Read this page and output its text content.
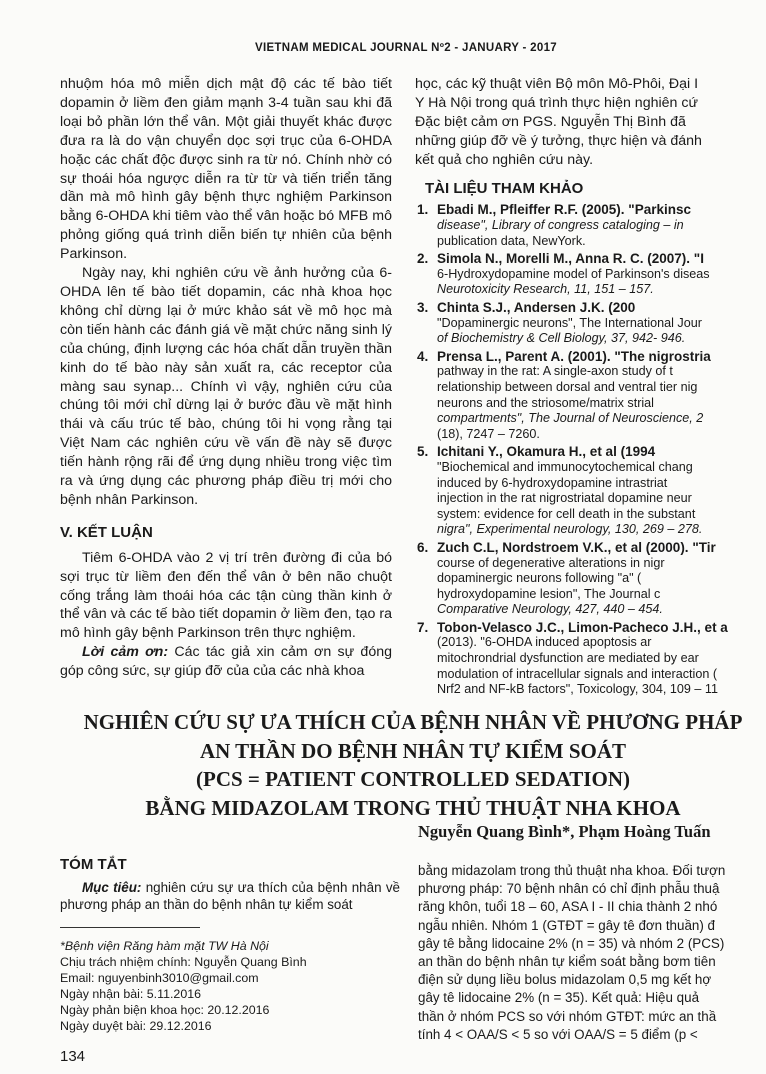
VIETNAM MEDICAL JOURNAL Nº2 - JANUARY - 2017

nhuộm hóa mô miễn dịch mật độ các tế bào tiết dopamin ở liềm đen giảm mạnh 3-4 tuần sau khi đã loại bỏ phần lớn thể vân. Một giải thuyết khác được đưa ra là do vận chuyển dọc sợi trục của 6-OHDA hoặc các chất độc được sinh ra từ nó. Chính nhờ có sự thoái hóa ngược diễn ra từ từ và tiến triển tăng dần mà mô hình gây bệnh thực nghiệm Parkinson bằng 6-OHDA khi tiêm vào thể vân hoặc bó MFB mô phỏng giống quá trình diễn biến tự nhiên của bệnh Parkinson.

Ngày nay, khi nghiên cứu về ảnh hưởng của 6-OHDA lên tế bào tiết dopamin, các nhà khoa học không chỉ dừng lại ở mức khảo sát về mô học mà còn tiến hành các đánh giá về mặt chức năng sinh lý của chúng, định lượng các hóa chất dẫn truyền thần kinh do tế bào này sản xuất ra, các receptor của màng sau synap... Chính vì vậy, nghiên cứu của chúng tôi mới chỉ dừng lại ở bước đầu về mặt hình thái và cấu trúc tế bào, chúng tôi hi vọng rằng tại Việt Nam các nghiên cứu về vấn đề này sẽ được tiến hành rộng rãi để ứng dụng nhiều trong việc tìm ra và ứng dụng các phương pháp điều trị mới cho bệnh nhân Parkinson.

V. KẾT LUẬN

Tiêm 6-OHDA vào 2 vị trí trên đường đi của bó sợi trục từ liềm đen đến thể vân ở bên não chuột cống trắng làm thoái hóa các tận cùng thần kinh ở thể vân và các tế bào tiết dopamin ở liềm đen, tạo ra mô hình gây bệnh Parkinson trên thực nghiệm.

Lời cảm ơn: Các tác giả xin cảm ơn sự đóng góp công sức, sự giúp đỡ của của các nhà khoa

học, các kỹ thuật viên Bộ môn Mô-Phôi, Đại I
Y Hà Nội trong quá trình thực hiện nghiên cứ
Đặc biệt cảm ơn PGS. Nguyễn Thị Bình đã
những giúp đỡ về ý tưởng, thực hiện và đánh
kết quả cho nghiên cứu này.
TÀI LIỆU THAM KHẢO
1. Ebadi M., Pfleiffer R.F. (2005). "Parkinsc
disease", Library of congress cataloging – in
publication data, NewYork.
2. Simola N., Morelli M., Anna R. C. (2007). "I
6-Hydroxydopamine model of Parkinson's diseas
Neurotoxicity Research, 11, 151 – 157.
3. Chinta S.J., Andersen J.K. (200
"Dopaminergic neurons", The International Jour
of Biochemistry & Cell Biology, 37, 942- 946.
4. Prensa L., Parent A. (2001). "The nigrostria
pathway in the rat: A single-axon study of t
relationship between dorsal and ventral tier nig
neurons and the striosome/matrix strial
compartments", The Journal of Neuroscience, 2
(18), 7247 – 7260.
5. Ichitani Y., Okamura H., et al (1994
"Biochemical and immunocytochemical chang
induced by 6-hydroxydopamine intrastriat
injection in the rat nigrostriatal dopamine neur
system: evidence for cell death in the substant
nigra", Experimental neurology, 130, 269 – 278.
6. Zuch C.L, Nordstroem V.K., et al (2000). "Tir
course of degenerative alterations in nigr
dopaminergic neurons following "a" (
hydroxydopamine lesion", The Journal c
Comparative Neurology, 427, 440 – 454.
7. Tobon-Velasco J.C., Limon-Pacheco J.H., et a
(2013). "6-OHDA induced apoptosis ar
mitochrondrial dysfunction are mediated by ear
modulation of intracellular signals and interaction (
Nrf2 and NF-kB factors", Toxicology, 304, 109 – 11
NGHIÊN CỨU SỰ ƯA THÍCH CỦA BỆNH NHÂN VỀ PHƯƠNG PHÁP
AN THẦN DO BỆNH NHÂN TỰ KIỂM SOÁT
(PCS = PATIENT CONTROLLED SEDATION)
BẰNG MIDAZOLAM TRONG THỦ THUẬT NHA KHOA
Nguyễn Quang Bình*, Phạm Hoàng Tuấn
TÓM TẮT

Mục tiêu: nghiên cứu sự ưa thích của bệnh nhân về phương pháp an thần do bệnh nhân tự kiểm soát

*Bệnh viện Răng hàm mặt TW Hà Nội
Chịu trách nhiệm chính: Nguyễn Quang Bình
Email: nguyenbinh3010@gmail.com
Ngày nhận bài: 5.11.2016
Ngày phản biện khoa học: 20.12.2016
Ngày duyệt bài: 29.12.2016
bằng midazolam trong thủ thuật nha khoa. Đối tượn
phương pháp: 70 bệnh nhân có chỉ định phẫu thuậ
răng khôn, tuổi 18 – 60, ASA I - II chia thành 2 nhó
ngẫu nhiên. Nhóm 1 (GTĐT = gây tê đơn thuần) đ
gây tê bằng lidocaine 2% (n = 35) và nhóm 2 (PCS)
an thần do bệnh nhân tự kiểm soát bằng bơm tiên
điện sử dụng liều bolus midazolam 0,5 mg kết hợ
gây tê lidocaine 2% (n = 35). Kết quả: Hiệu quả
thần ở nhóm PCS so với nhóm GTĐT: mức an thầ
tính 4 < OAA/S < 5 so với OAA/S = 5 điểm (p <
134
